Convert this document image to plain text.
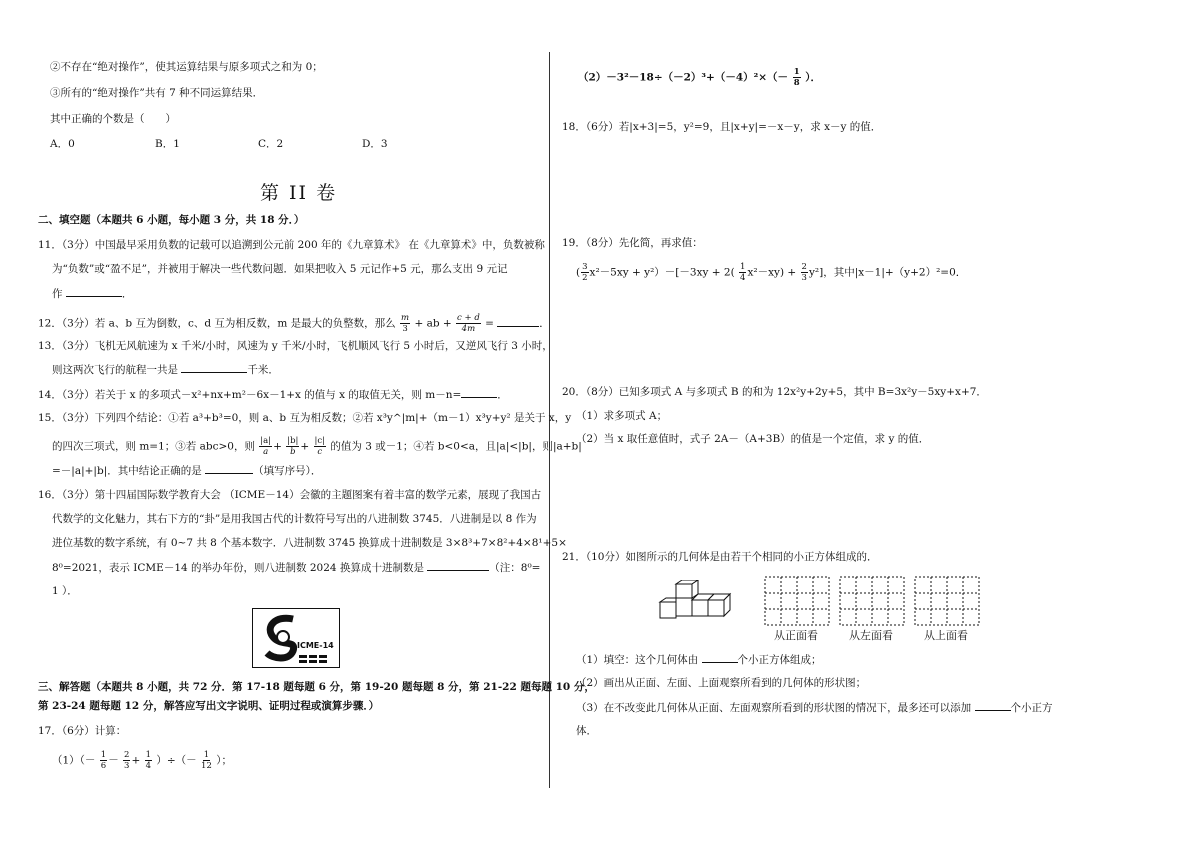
②不存在“绝对操作”，使其运算结果与原多项式之和为 0；
③所有的“绝对操作”共有 7 种不同运算结果．
其中正确的个数是（　　）
A．0	B．1	C．2	D．3
第 II 卷
二、填空题（本题共 6 小题，每小题 3 分，共 18 分．）
11．（3分）中国最早采用负数的记载可以追溯到公元前 200 年的《九章算术》 在《九章算术》中，负数被称
为“负数”或“盈不足”，并被用于解决一些代数问题．如果把收入 5 元记作+5 元，那么支出 9 元记
作	．
12．（3分）若 a、b 互为倒数，c、d 互为相反数，m 是最大的负整数，那么 $\frac{m}{3}$ + ab + $\frac{c + d}{4m}$ =	．
13．（3分）飞机无风航速为 x 千米/小时，风速为 y 千米/小时，飞机顺风飞行 5 小时后，又逆风飞行 3 小时，
则这两次飞行的航程一共是	千米．
14．（3分）若关于 x 的多项式－x²+nx+m²－6x－1+x 的值与 x 的取值无关，则 m－n=	．
15．（3分）下列四个结论：①若 a³+b³=0，则 a、b 互为相反数；②若 x³y^|m|+（m－1）x³y+y² 是关于 x，y
的四次三项式，则 m=1；③若 abc>0，则 $\frac{|a|}{a} + \frac{|b|}{b} + \frac{|c|}{c}$ 的值为 3 或－1；④若 b<0<a，且|a|<|b|，则|a+b|
=－|a|+|b|．其中结论正确的是	（填写序号）．
16．（3分）第十四届国际数学教育大会 （ICME－14）会徽的主题图案有着丰富的数学元素，展现了我国古
代数学的文化魅力，其右下方的“卦”是用我国古代的计数符号写出的八进制数 3745．八进制是以 8 作为
进位基数的数字系统，有 0~7 共 8 个基本数字．八进制数 3745 换算成十进制数是 3×8³+7×8²+4×8¹+5×
8⁰=2021，表示 ICME－14 的举办年份，则八进制数 2024 换算成十进制数是	（注：8⁰=
1 ）．
ICME-14
三、解答题（本题共 8 小题，共 72 分．第 17-18 题每题 6 分，第 19-20 题每题 8 分，第 21-22 题每题 10 分，
第 23-24 题每题 12 分，解答应写出文字说明、证明过程或演算步骤．）
17．（6分）计算：
$(1)(- \frac{1}{6} - \frac{2}{3} + \frac{1}{4}$ ）÷（－ $\frac{1}{12}$ ）；
$(2)-3^2-18\div(-2)^3+(-4)^2\times(- \frac{1}{8}$ ）．
18．（6分）若|x+3|=5，y²=9，且|x+y|=－x－y，求 x－y 的值．
19．（8分）先化简，再求值：
( $\frac{3}{2} x^2-5xy + y^2)-[-3xy + 2( \frac{1}{4} x^2-xy) + \frac{2}{3} y^2]$，其中|x－1|+（y+2）²=0．
20．（8分）已知多项式 A 与多项式 B 的和为 12x²y+2y+5，其中 B=3x²y－5xy+x+7．
（1）求多项式 A；
（2）当 x 取任意值时，式子 2A－（A+3B）的值是一个定值，求 y 的值．
21．（10分）如图所示的几何体是由若干个相同的小正方体组成的．
从正面看	从左面看	从上面看
（1）填空：这个几何体由	个小正方体组成；
（2）画出从正面、左面、上面观察所看到的几何体的形状图；
（3）在不改变此几何体从正面、左面观察所看到的形状图的情况下，最多还可以添加	个小正方
体．
